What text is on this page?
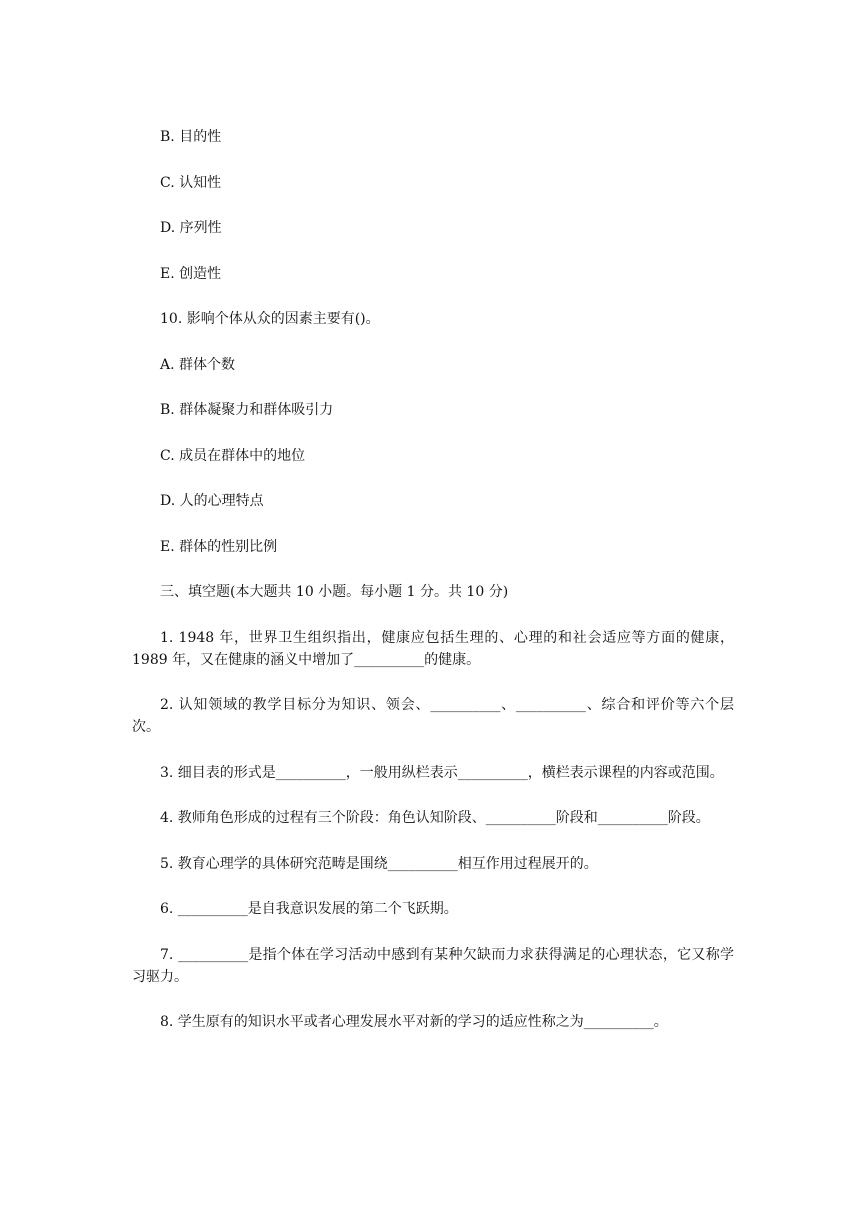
B. 目的性

C. 认知性

D. 序列性

E. 创造性

10. 影响个体从众的因素主要有()。

A. 群体个数

B. 群体凝聚力和群体吸引力

C. 成员在群体中的地位

D. 人的心理特点

E. 群体的性别比例

三、填空题(本大题共 10 小题。每小题 1 分。共 10 分)

1. 1948 年，世界卫生组织指出，健康应包括生理的、心理的和社会适应等方面的健康，1989 年，又在健康的涵义中增加了__________的健康。

2. 认知领域的教学目标分为知识、领会、__________、__________、综合和评价等六个层次。

3. 细目表的形式是__________，一般用纵栏表示__________，横栏表示课程的内容或范围。

4. 教师角色形成的过程有三个阶段：角色认知阶段、__________阶段和__________阶段。

5. 教育心理学的具体研究范畴是围绕__________相互作用过程展开的。

6. __________是自我意识发展的第二个飞跃期。

7. __________是指个体在学习活动中感到有某种欠缺而力求获得满足的心理状态，它又称学习驱力。

8. 学生原有的知识水平或者心理发展水平对新的学习的适应性称之为__________。
